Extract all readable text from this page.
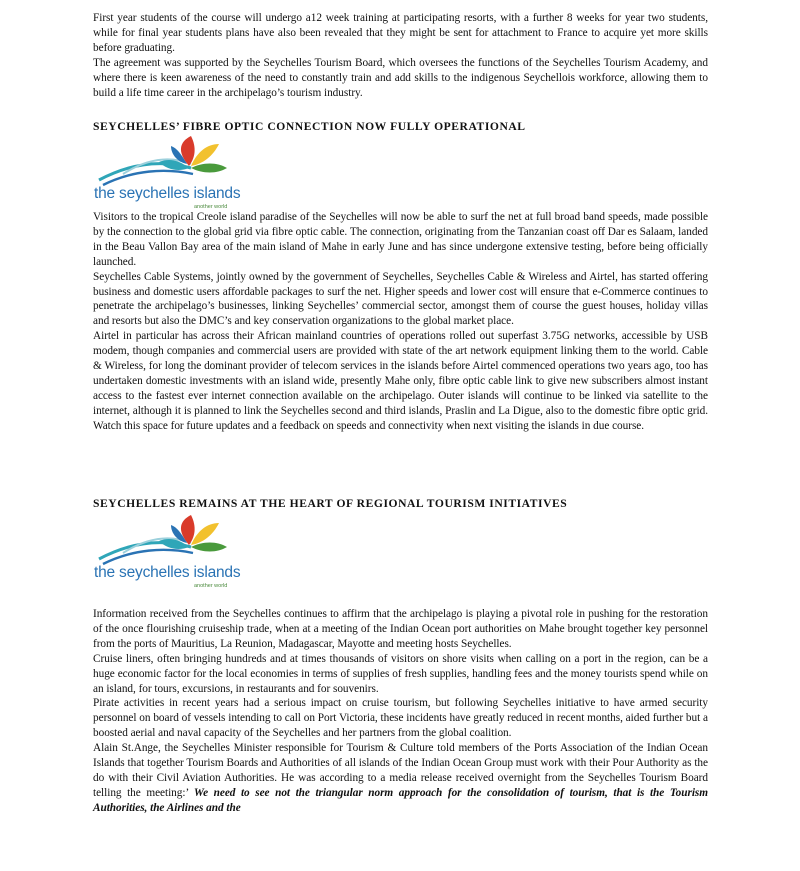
First year students of the course will undergo a12 week training at participating resorts, with a further 8 weeks for year two students, while for final year students plans have also been revealed that they might be sent for attachment to France to acquire yet more skills before graduating.

The agreement was supported by the Seychelles Tourism Board, which oversees the functions of the Seychelles Tourism Academy, and where there is keen awareness of the need to constantly train and add skills to the indigenous Seychellois workforce, allowing them to build a life time career in the archipelago’s tourism industry.

SEYCHELLES’ FIBRE OPTIC CONNECTION NOW FULLY OPERATIONAL
the seychelles islands
another world

Visitors to the tropical Creole island paradise of the Seychelles will now be able to surf the net at full broad band speeds, made possible by the connection to the global grid via fibre optic cable. The connection, originating from the Tanzanian coast off Dar es Salaam, landed in the Beau Vallon Bay area of the main island of Mahe in early June and has since undergone extensive testing, before being officially launched.

Seychelles Cable Systems, jointly owned by the government of Seychelles, Seychelles Cable & Wireless and Airtel, has started offering business and domestic users affordable packages to surf the net. Higher speeds and lower cost will ensure that e-Commerce continues to penetrate the archipelago’s businesses, linking Seychelles’ commercial sector, amongst them of course the guest houses, holiday villas and resorts but also the DMC’s and key conservation organizations to the global market place.

Airtel in particular has across their African mainland countries of operations rolled out superfast 3.75G networks, accessible by USB modem, though companies and commercial users are provided with state of the art network equipment linking them to the world. Cable & Wireless, for long the dominant provider of telecom services in the islands before Airtel commenced operations two years ago, too has undertaken domestic investments with an island wide, presently Mahe only, fibre optic cable link to give new subscribers almost instant access to the fastest ever internet connection available on the archipelago. Outer islands will continue to be linked via satellite to the internet, although it is planned to link the Seychelles second and third islands, Praslin and La Digue, also to the domestic fibre optic grid. Watch this space for future updates and a feedback on speeds and connectivity when next visiting the islands in due course.

SEYCHELLES REMAINS AT THE HEART OF REGIONAL TOURISM INITIATIVES
the seychelles islands
another world

Information received from the Seychelles continues to affirm that the archipelago is playing a pivotal role in pushing for the restoration of the once flourishing cruiseship trade, when at a meeting of the Indian Ocean port authorities on Mahe brought together key personnel from the ports of Mauritius, La Reunion, Madagascar, Mayotte and meeting hosts Seychelles.

Cruise liners, often bringing hundreds and at times thousands of visitors on shore visits when calling on a port in the region, can be a huge economic factor for the local economies in terms of supplies of fresh supplies, handling fees and the money tourists spend while on an island, for tours, excursions, in restaurants and for souvenirs.

Pirate activities in recent years had a serious impact on cruise tourism, but following Seychelles initiative to have armed security personnel on board of vessels intending to call on Port Victoria, these incidents have greatly reduced in recent months, aided further but a boosted aerial and naval capacity of the Seychelles and her partners from the global coalition.

Alain St.Ange, the Seychelles Minister responsible for Tourism & Culture told members of the Ports Association of the Indian Ocean Islands that together Tourism Boards and Authorities of all islands of the Indian Ocean Group must work with their Pour Authority as the do with their Civil Aviation Authorities. He was according to a media release received overnight from the Seychelles Tourism Board telling the meeting:’ We need to see not the triangular norm approach for the consolidation of tourism, that is the Tourism Authorities, the Airlines and the
